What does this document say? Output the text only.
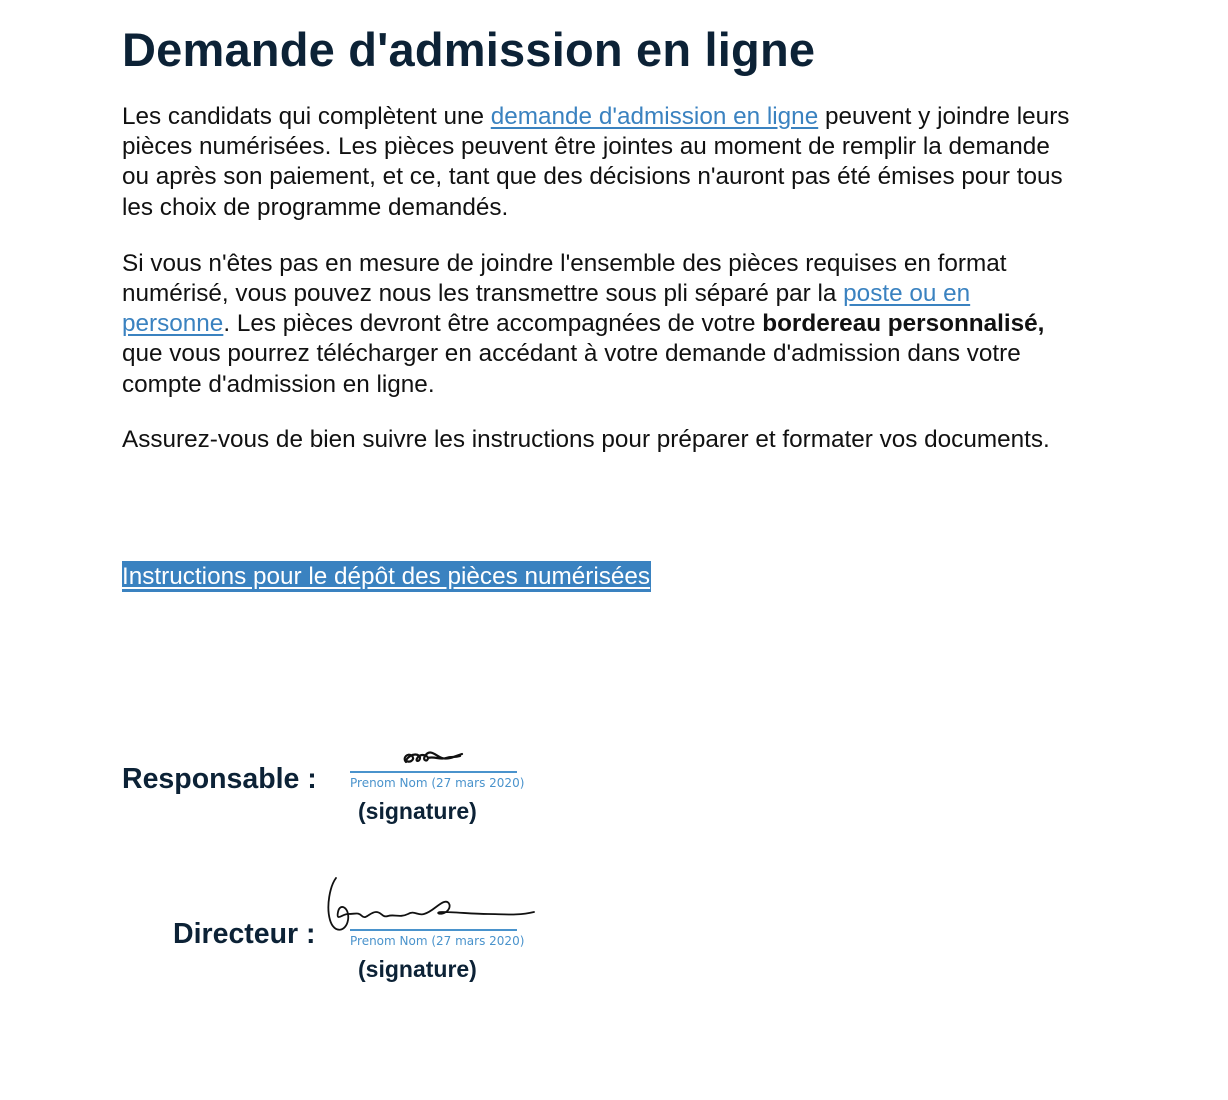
Demande d'admission en ligne

Les candidats qui complètent une demande d'admission en ligne peuvent y joindre leurs pièces numérisées. Les pièces peuvent être jointes au moment de remplir la demande ou après son paiement, et ce, tant que des décisions n'auront pas été émises pour tous les choix de programme demandés.

Si vous n'êtes pas en mesure de joindre l'ensemble des pièces requises en format numérisé, vous pouvez nous les transmettre sous pli séparé par la poste ou en personne. Les pièces devront être accompagnées de votre bordereau personnalisé, que vous pourrez télécharger en accédant à votre demande d'admission dans votre compte d'admission en ligne.

Assurez-vous de bien suivre les instructions pour préparer et formater vos documents.

Instructions pour le dépôt des pièces numérisées
Responsable :	Prenom Nom (27 mars 2020)
(signature)
Directeur :	Prenom Nom (27 mars 2020)
(signature)
